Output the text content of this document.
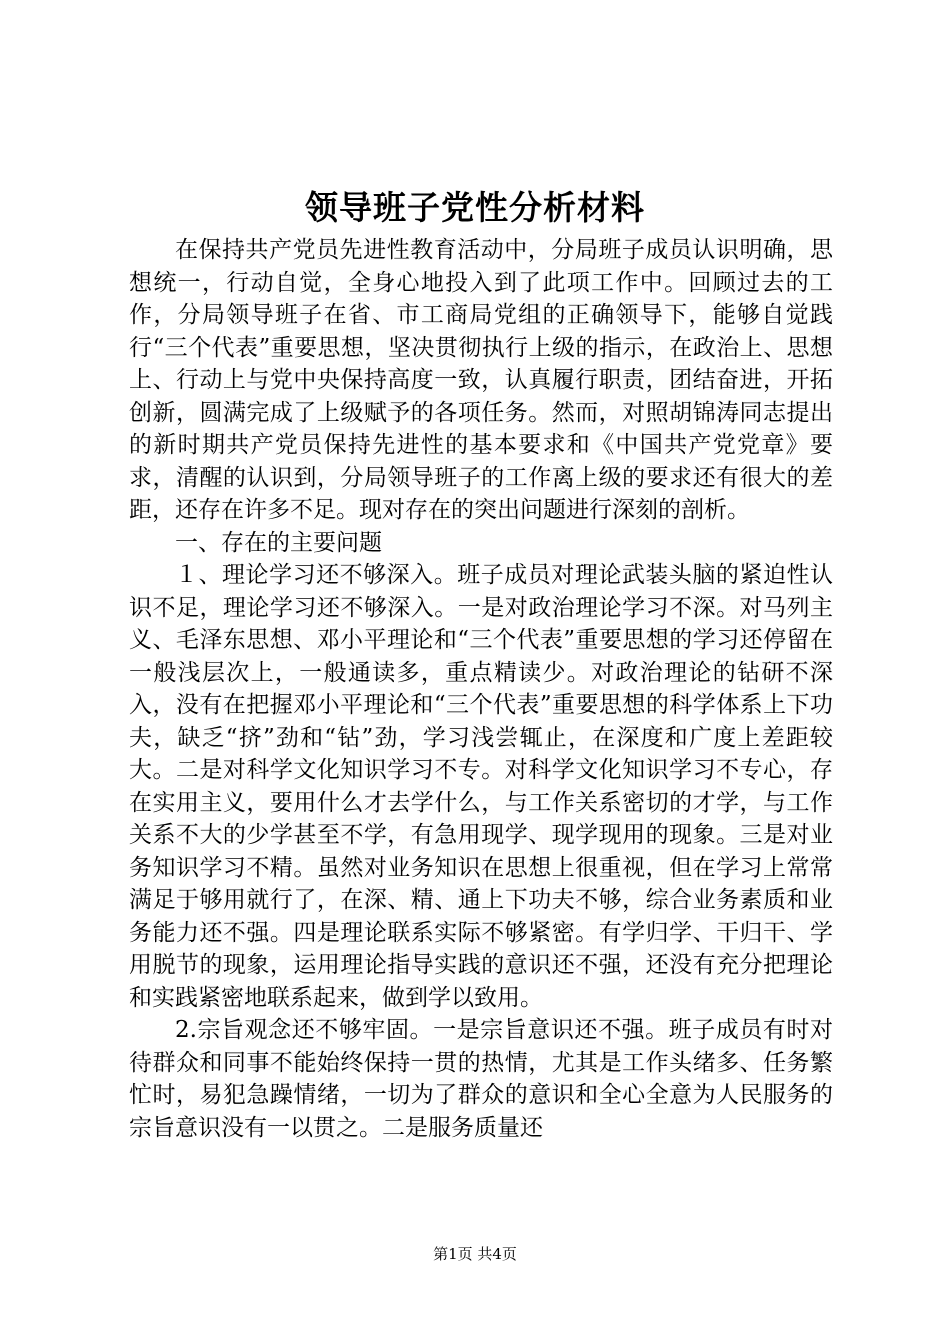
领导班子党性分析材料

在保持共产党员先进性教育活动中，分局班子成员认识明确，思想统一，行动自觉，全身心地投入到了此项工作中。回顾过去的工作，分局领导班子在省、市工商局党组的正确领导下，能够自觉践行“三个代表”重要思想，坚决贯彻执行上级的指示，在政治上、思想上、行动上与党中央保持高度一致，认真履行职责，团结奋进，开拓创新，圆满完成了上级赋予的各项任务。然而，对照胡锦涛同志提出的新时期共产党员保持先进性的基本要求和《中国共产党党章》要求，清醒的认识到，分局领导班子的工作离上级的要求还有很大的差距，还存在许多不足。现对存在的突出问题进行深刻的剖析。

一、存在的主要问题

１、理论学习还不够深入。班子成员对理论武装头脑的紧迫性认识不足，理论学习还不够深入。一是对政治理论学习不深。对马列主义、毛泽东思想、邓小平理论和“三个代表”重要思想的学习还停留在一般浅层次上，一般通读多，重点精读少。对政治理论的钻研不深入，没有在把握邓小平理论和“三个代表”重要思想的科学体系上下功夫，缺乏“挤”劲和“钻”劲，学习浅尝辄止，在深度和广度上差距较大。二是对科学文化知识学习不专。对科学文化知识学习不专心，存在实用主义，要用什么才去学什么，与工作关系密切的才学，与工作关系不大的少学甚至不学，有急用现学、现学现用的现象。三是对业务知识学习不精。虽然对业务知识在思想上很重视，但在学习上常常满足于够用就行了，在深、精、通上下功夫不够，综合业务素质和业务能力还不强。四是理论联系实际不够紧密。有学归学、干归干、学用脱节的现象，运用理论指导实践的意识还不强，还没有充分把理论和实践紧密地联系起来，做到学以致用。

2.宗旨观念还不够牢固。一是宗旨意识还不强。班子成员有时对待群众和同事不能始终保持一贯的热情，尤其是工作头绪多、任务繁忙时，易犯急躁情绪，一切为了群众的意识和全心全意为人民服务的宗旨意识没有一以贯之。二是服务质量还

第1页 共4页
